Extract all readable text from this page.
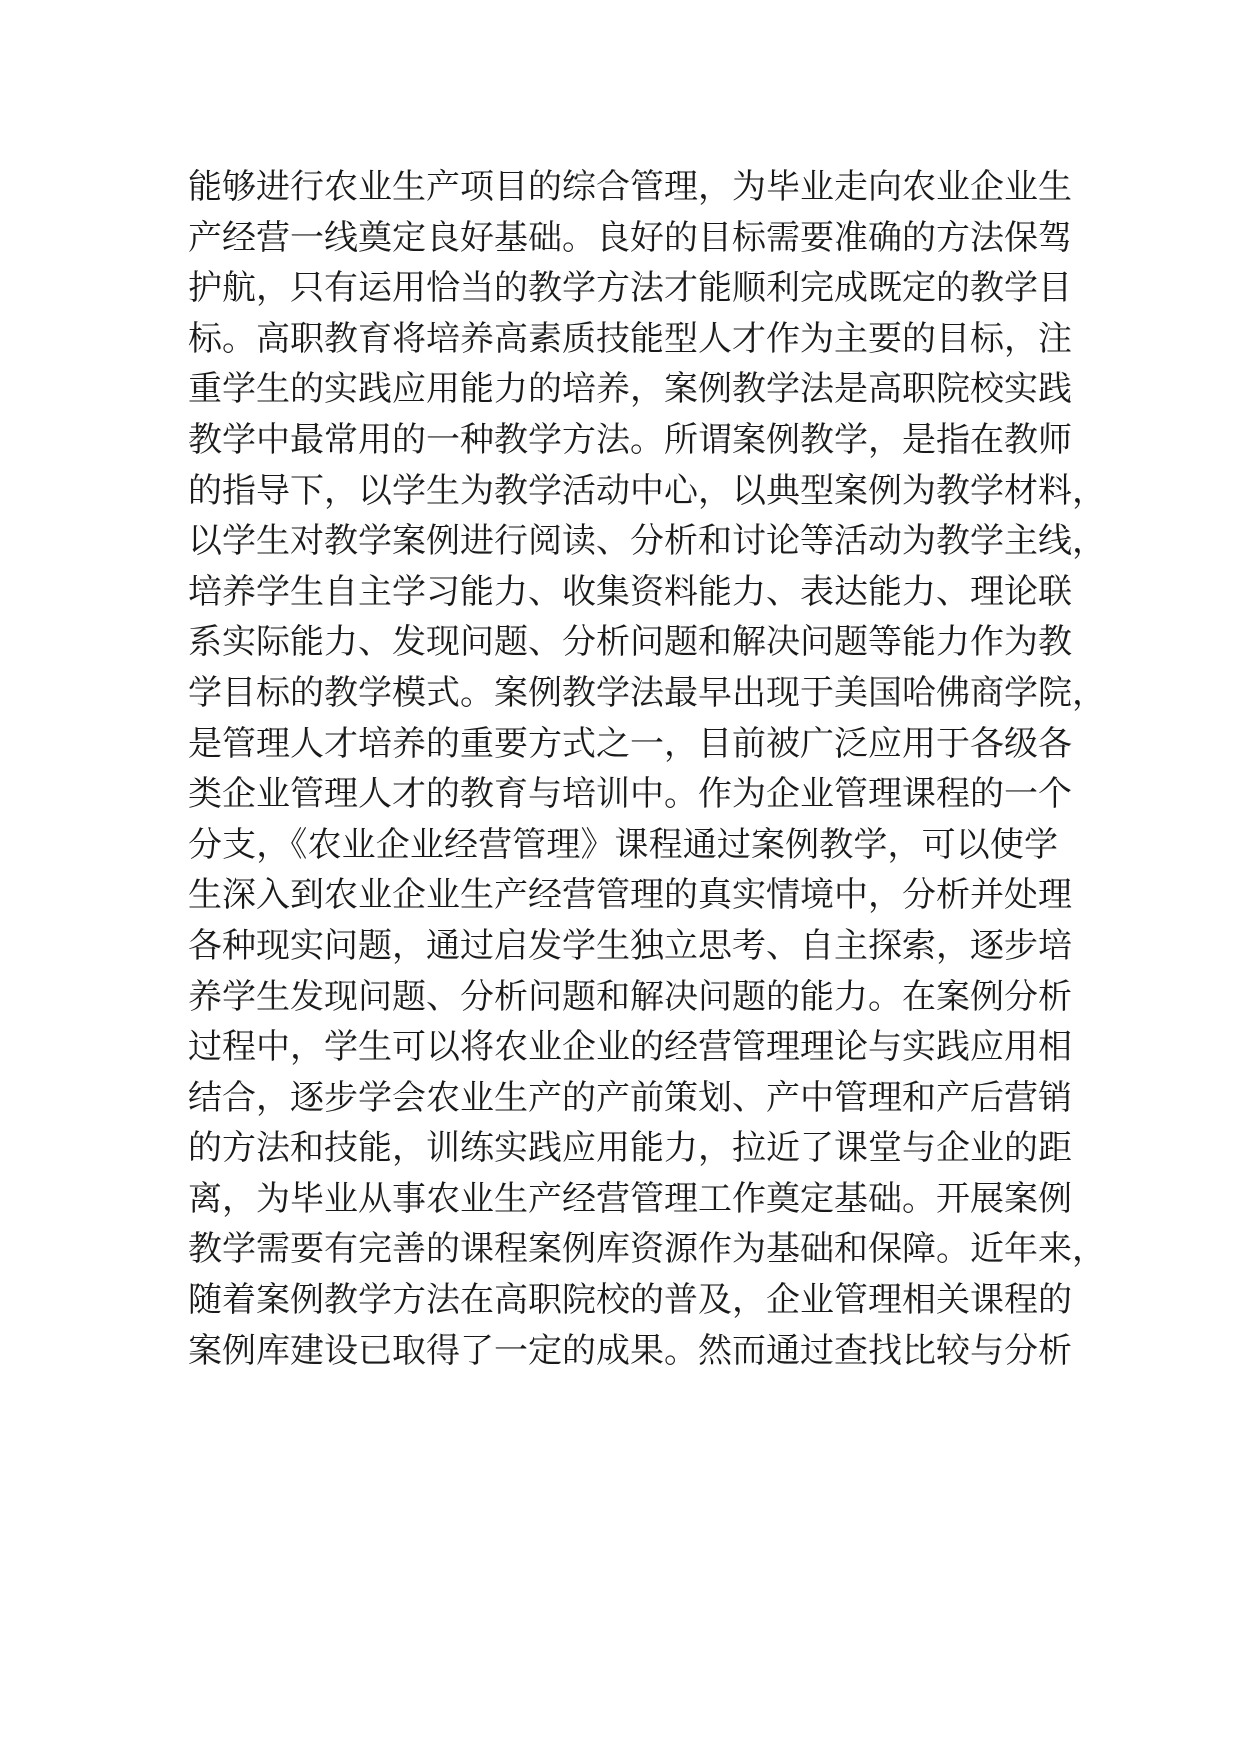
能够进行农业生产项目的综合管理，为毕业走向农业企业生
产经营一线奠定良好基础。良好的目标需要准确的方法保驾
护航，只有运用恰当的教学方法才能顺利完成既定的教学目
标。高职教育将培养高素质技能型人才作为主要的目标，注
重学生的实践应用能力的培养，案例教学法是高职院校实践
教学中最常用的一种教学方法。所谓案例教学，是指在教师
的指导下，以学生为教学活动中心，以典型案例为教学材料，
以学生对教学案例进行阅读、分析和讨论等活动为教学主线，
培养学生自主学习能力、收集资料能力、表达能力、理论联
系实际能力、发现问题、分析问题和解决问题等能力作为教
学目标的教学模式。案例教学法最早出现于美国哈佛商学院，
是管理人才培养的重要方式之一，目前被广泛应用于各级各
类企业管理人才的教育与培训中。作为企业管理课程的一个
分支，《农业企业经营管理》课程通过案例教学，可以使学
生深入到农业企业生产经营管理的真实情境中，分析并处理
各种现实问题，通过启发学生独立思考、自主探索，逐步培
养学生发现问题、分析问题和解决问题的能力。在案例分析
过程中，学生可以将农业企业的经营管理理论与实践应用相
结合，逐步学会农业生产的产前策划、产中管理和产后营销
的方法和技能，训练实践应用能力，拉近了课堂与企业的距
离，为毕业从事农业生产经营管理工作奠定基础。开展案例
教学需要有完善的课程案例库资源作为基础和保障。近年来，
随着案例教学方法在高职院校的普及，企业管理相关课程的
案例库建设已取得了一定的成果。然而通过查找比较与分析
